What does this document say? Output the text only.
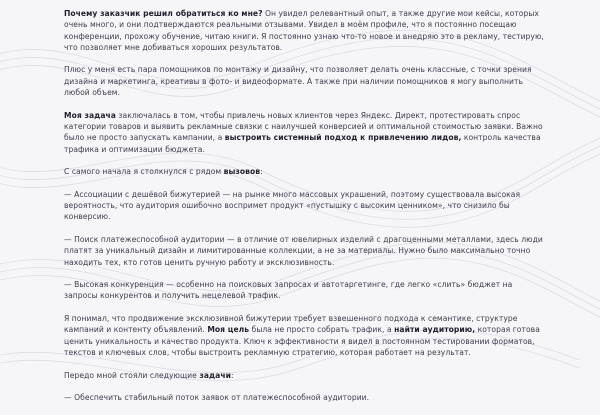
Почему заказчик решил обратиться ко мне? Он увидел релевантный опыт, а также другие мои кейсы, которых очень много, и они подтверждаются реальными отзывами. Увидел в моём профиле, что я постоянно посещаю конференции, прохожу обучение, читаю книги. Я постоянно узнаю что-то новое и внедряю это в рекламу, тестирую, что позволяет мне добиваться хороших результатов.

Плюс у меня есть пара помощников по монтажу и дизайну, что позволяет делать очень классные, с точки зрения дизайна и маркетинга, креативы в фото- и видеоформате. А также при наличии помощников я могу выполнить любой объем.

Моя задача заключалась в том, чтобы привлечь новых клиентов через Яндекс. Директ, протестировать спрос категории товаров и выявить рекламные связки с наилучшей конверсией и оптимальной стоимостью заявки. Важно было не просто запускать кампании, а выстроить системный подход к привлечению лидов, контроль качества трафика и оптимизации бюджета.

С самого начала я столкнулся с рядом вызовов:

— Ассоциации с дешёвой бижутерией — на рынке много массовых украшений, поэтому существовала высокая вероятность, что аудитория ошибочно воспримет продукт «пустышку с высоким ценником», что снизило бы конверсию.

— Поиск платежеспособной аудитории — в отличие от ювелирных изделий с драгоценными металлами, здесь люди платят за уникальный дизайн и лимитированные коллекции, а не за материалы. Нужно было максимально точно находить тех, кто готов ценить ручную работу и эксклюзивность.

— Высокая конкуренция — особенно на поисковых запросах и автотаргетинге, где легко «слить» бюджет на запросы конкурентов и получить нецелевой трафик.

Я понимал, что продвижение эксклюзивной бижутерии требует взвешенного подхода к семантике, структуре кампаний и контенту объявлений. Моя цель была не просто собрать трафик, а найти аудиторию, которая готова ценить уникальность и качество продукта. Ключ к эффективности я видел в постоянном тестировании форматов, текстов и ключевых слов, чтобы выстроить рекламную стратегию, которая работает на результат.

Передо мной стояли следующие задачи:

— Обеспечить стабильный поток заявок от платежеспособной аудитории.
